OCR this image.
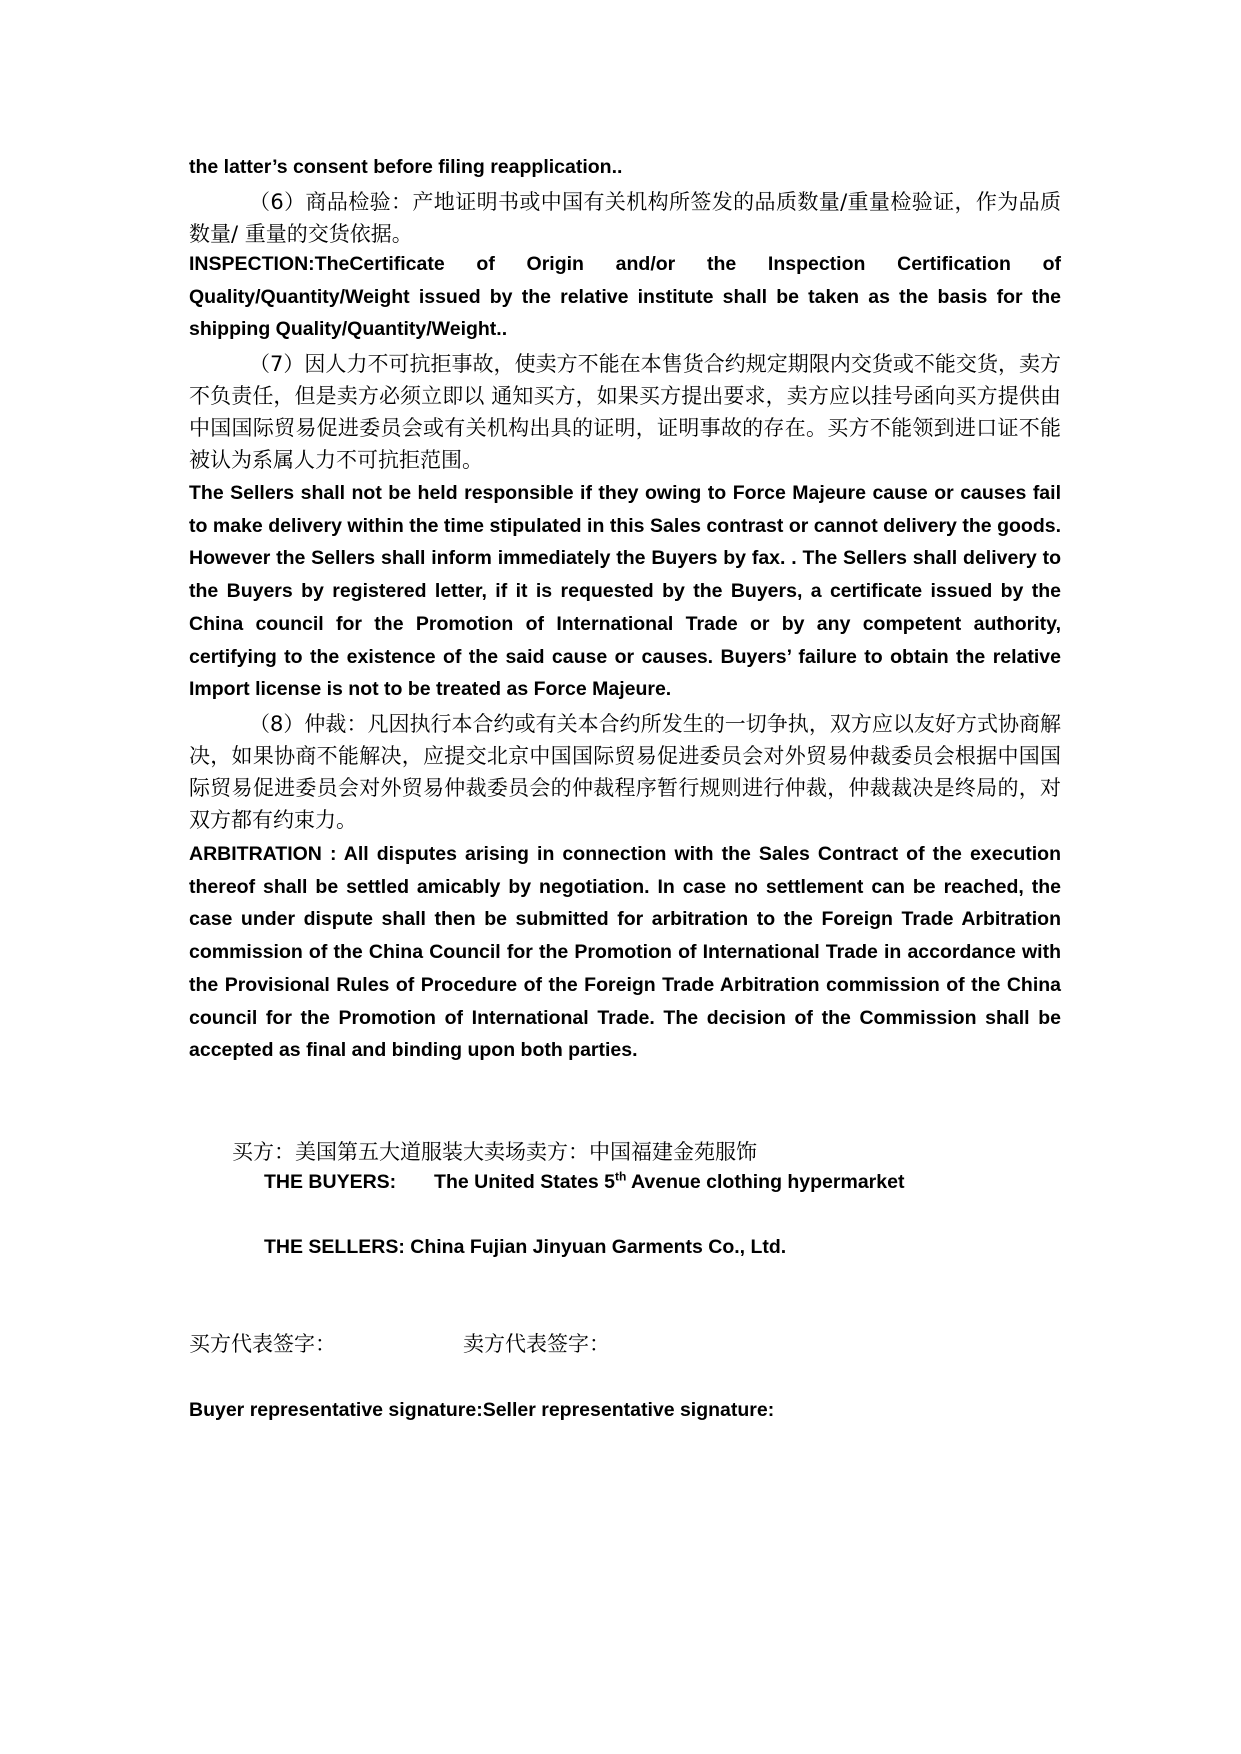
the latter’s consent before filing reapplication..

（6）商品检验：产地证明书或中国有关机构所签发的品质数量/重量检验证，作为品质数量/ 重量的交货依据。

INSPECTION:TheCertificate of Origin and/or the Inspection Certification of Quality/Quantity/Weight issued by the relative institute shall be taken as the basis for the shipping Quality/Quantity/Weight..

（7）因人力不可抗拒事故，使卖方不能在本售货合约规定期限内交货或不能交货，卖方不负责任，但是卖方必须立即以 通知买方，如果买方提出要求，卖方应以挂号函向买方提供由中国国际贸易促进委员会或有关机构出具的证明，证明事故的存在。买方不能领到进口证不能被认为系属人力不可抗拒范围。

The Sellers shall not be held responsible if they owing to Force Majeure cause or causes fail to make delivery within the time stipulated in this Sales contrast or cannot delivery the goods. However the Sellers shall inform immediately the Buyers by fax. . The Sellers shall delivery to the Buyers by registered letter, if it is requested by the Buyers, a certificate issued by the China council for the Promotion of International Trade or by any competent authority, certifying to the existence of the said cause or causes. Buyers’ failure to obtain the relative Import license is not to be treated as Force Majeure.

（8）仲裁：凡因执行本合约或有关本合约所发生的一切争执，双方应以友好方式协商解决，如果协商不能解决，应提交北京中国国际贸易促进委员会对外贸易仲裁委员会根据中国国际贸易促进委员会对外贸易仲裁委员会的仲裁程序暂行规则进行仲裁，仲裁裁决是终局的，对双方都有约束力。

ARBITRATION : All disputes arising in connection with the Sales Contract of the execution thereof shall be settled amicably by negotiation. In case no settlement can be reached, the case under dispute shall then be submitted for arbitration to the Foreign Trade Arbitration commission of the China Council for the Promotion of International Trade in accordance with the Provisional Rules of Procedure of the Foreign Trade Arbitration commission of the China council for the Promotion of International Trade. The decision of the Commission shall be accepted as final and binding upon both parties.

买方：美国第五大道服装大卖场卖方：中国福建金苑服饰

THE BUYERS: The United States 5th Avenue clothing hypermarket

THE SELLERS: China Fujian Jinyuan Garments Co., Ltd.

买方代表签字：	卖方代表签字：

Buyer representative signature:Seller representative signature:
